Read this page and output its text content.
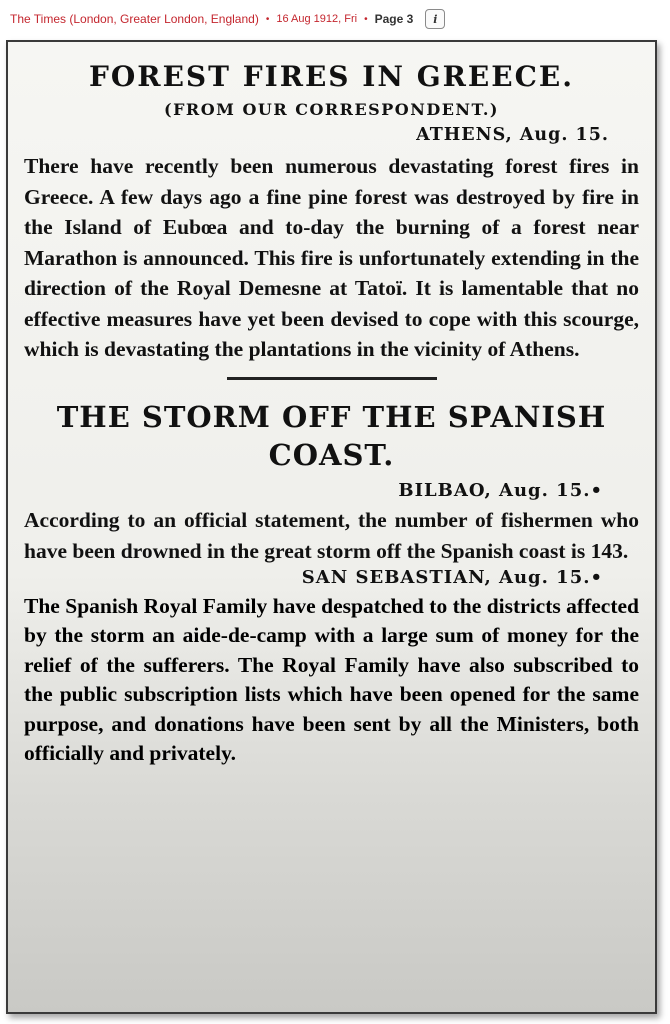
The Times (London, Greater London, England) • 16 Aug 1912, Fri • Page 3	i
FOREST FIRES IN GREECE.
(FROM OUR CORRESPONDENT.)
ATHENS, Aug. 15.

There have recently been numerous devastating forest fires in Greece. A few days ago a fine pine forest was destroyed by fire in the Island of Eubœa and to-day the burning of a forest near Marathon is announced. This fire is unfortunately extending in the direction of the Royal Demesne at Tatoï. It is lamentable that no effective measures have yet been devised to cope with this scourge, which is devastating the plantations in the vicinity of Athens.

THE STORM OFF THE SPANISH COAST.
BILBAO, Aug. 15.•
According to an official statement, the number of fishermen who have been drowned in the great storm off the Spanish coast is 143.
SAN SEBASTIAN, Aug. 15.•
The Spanish Royal Family have despatched to the districts affected by the storm an aide-de-camp with a large sum of money for the relief of the sufferers. The Royal Family have also subscribed to the public subscription lists which have been opened for the same purpose, and donations have been sent by all the Ministers, both officially and privately.
